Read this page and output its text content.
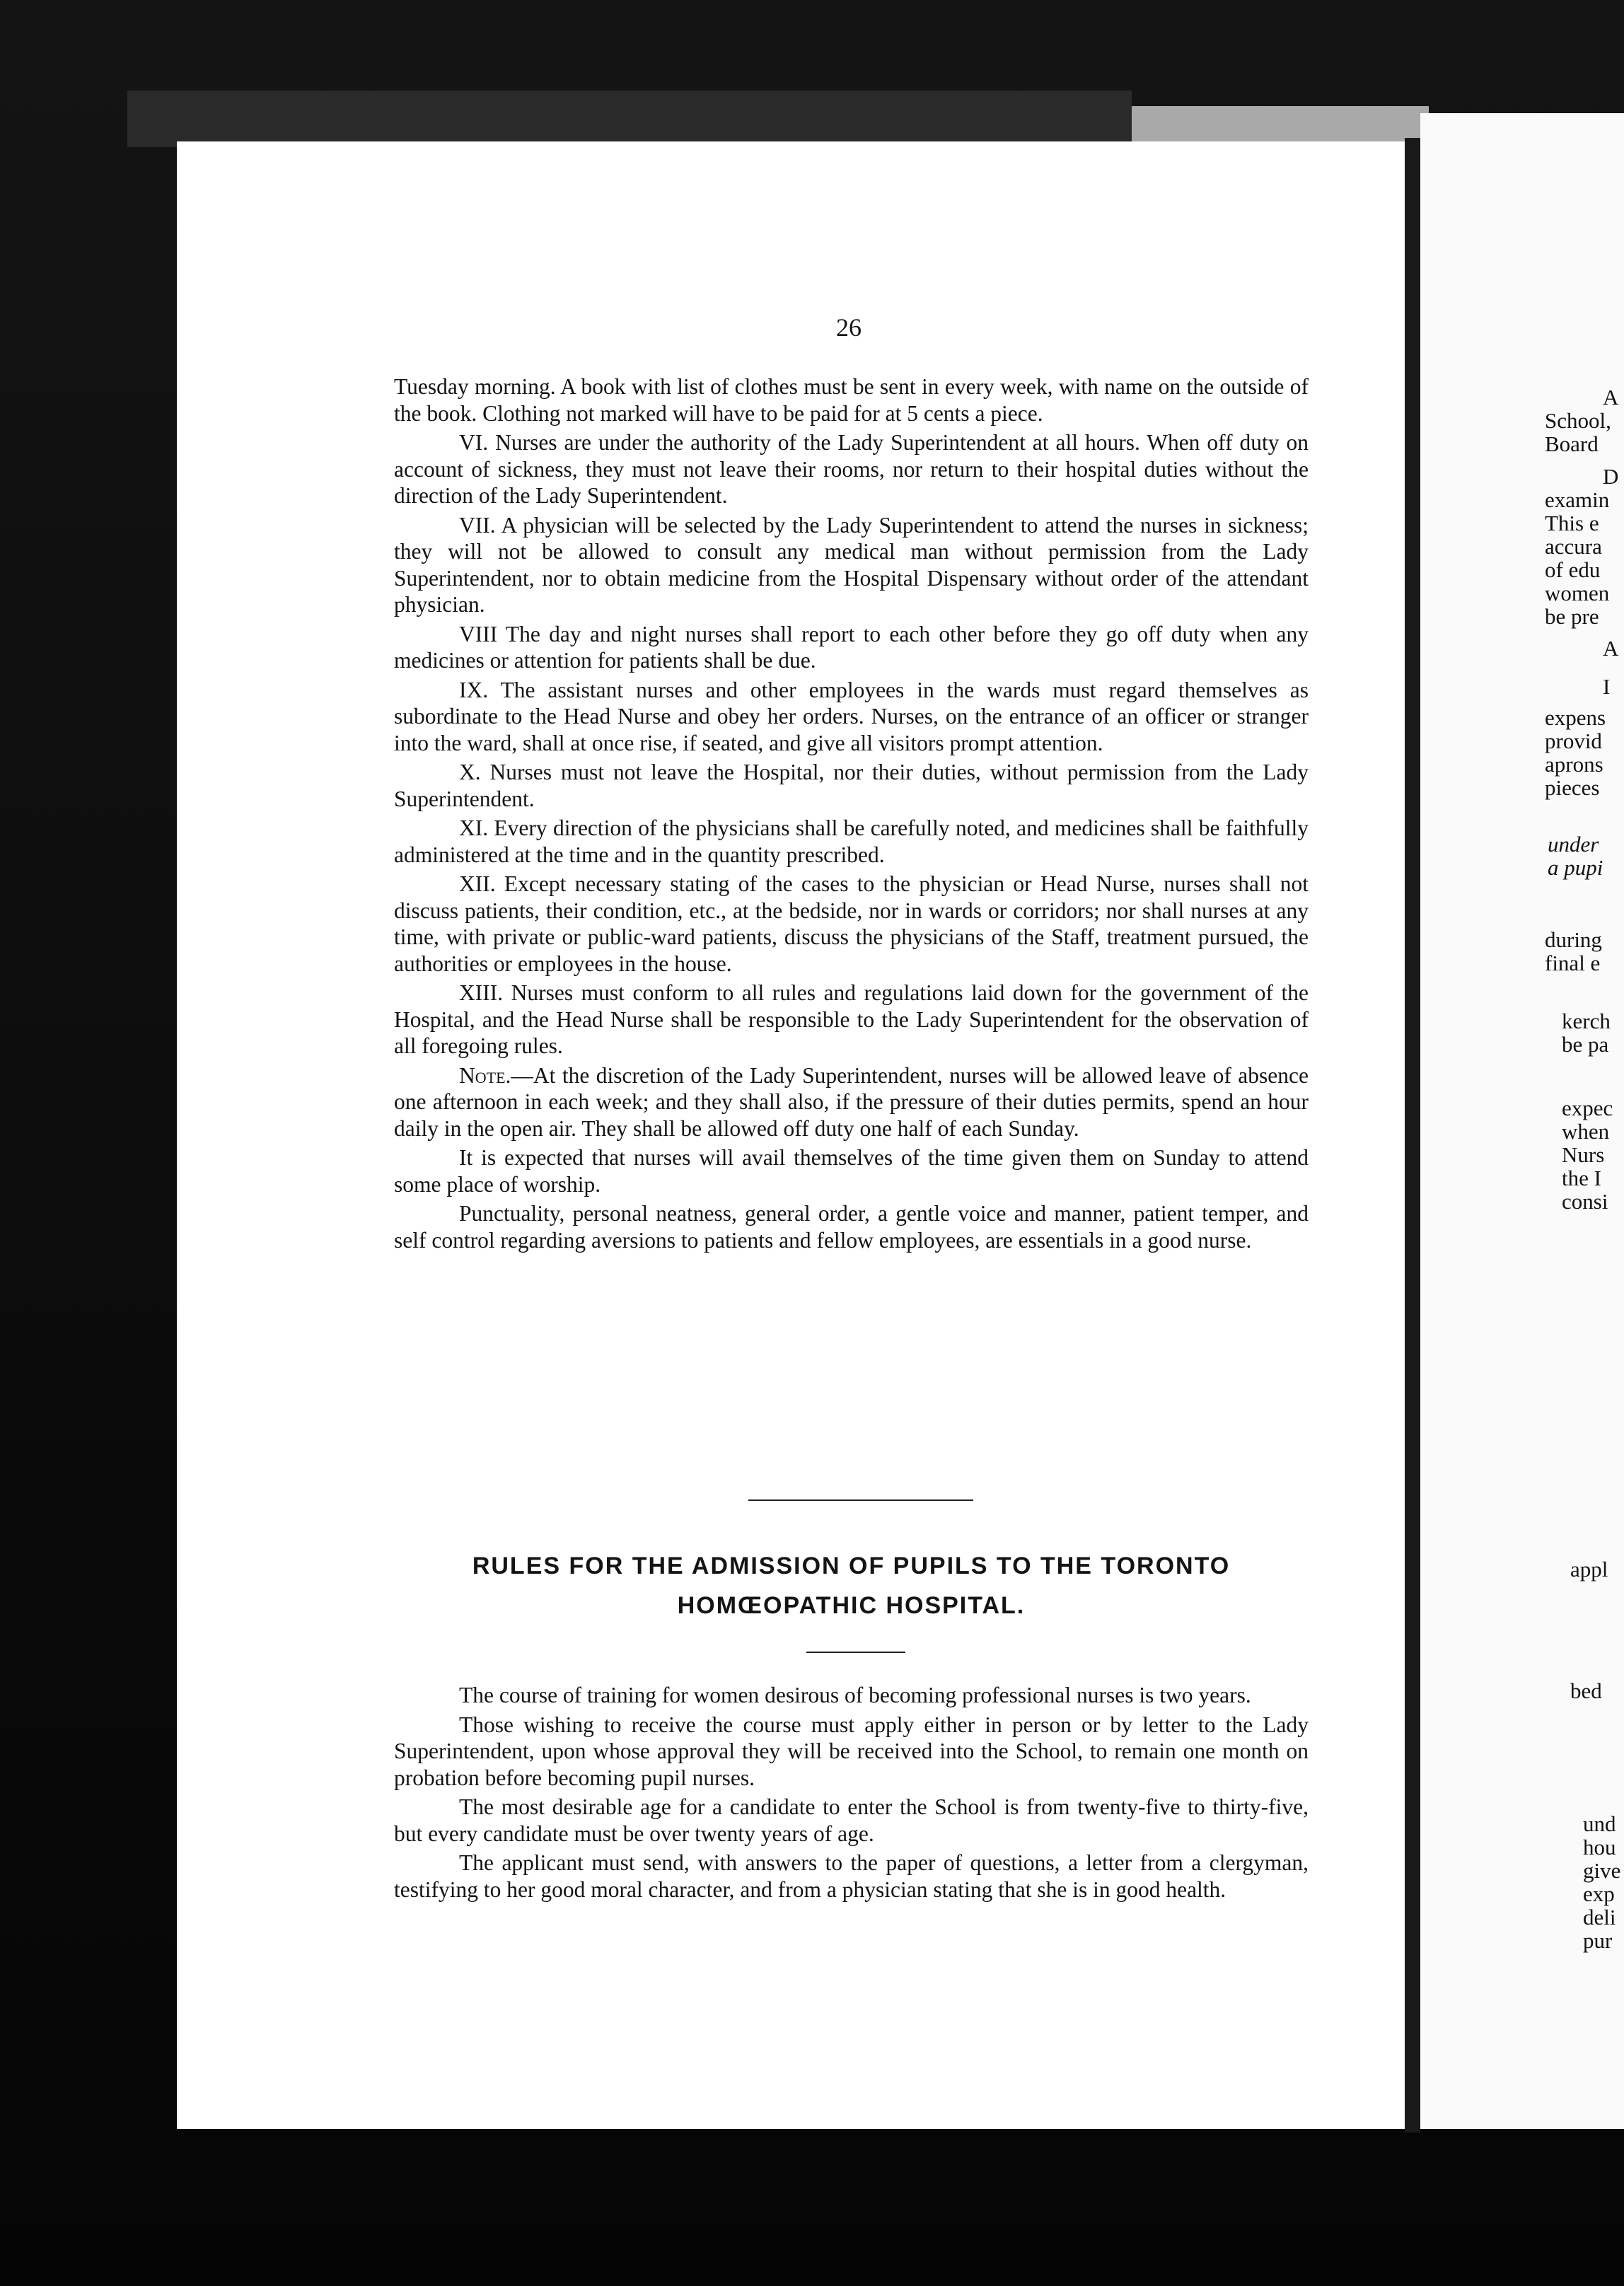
A
School,
Board
D
examin
This e
accura
of edu
women
be pre
A
I
expens
provid
aprons
pieces
under
a pupi
during
final e
kerch
be pa
expec
when
Nurs
the I
consi
appl
bed
und
hou
give
exp
deli
pur
26

Tuesday morning. A book with list of clothes must be sent in every week, with name on the outside of the book. Clothing not marked will have to be paid for at 5 cents a piece.

VI. Nurses are under the authority of the Lady Superintendent at all hours. When off duty on account of sickness, they must not leave their rooms, nor return to their hospital duties without the direction of the Lady Superintendent.

VII. A physician will be selected by the Lady Superintendent to attend the nurses in sickness; they will not be allowed to consult any medical man without permission from the Lady Superintendent, nor to obtain medicine from the Hospital Dispensary without order of the attendant physician.

VIII The day and night nurses shall report to each other before they go off duty when any medicines or attention for patients shall be due.

IX. The assistant nurses and other employees in the wards must regard themselves as subordinate to the Head Nurse and obey her orders. Nurses, on the entrance of an officer or stranger into the ward, shall at once rise, if seated, and give all visitors prompt attention.

X. Nurses must not leave the Hospital, nor their duties, without permission from the Lady Superintendent.

XI. Every direction of the physicians shall be carefully noted, and medicines shall be faithfully administered at the time and in the quantity prescribed.

XII. Except necessary stating of the cases to the physician or Head Nurse, nurses shall not discuss patients, their condition, etc., at the bedside, nor in wards or corridors; nor shall nurses at any time, with private or public-ward patients, discuss the physicians of the Staff, treatment pursued, the authorities or employees in the house.

XIII. Nurses must conform to all rules and regulations laid down for the government of the Hospital, and the Head Nurse shall be responsible to the Lady Superintendent for the observation of all foregoing rules.

Note.—At the discretion of the Lady Superintendent, nurses will be allowed leave of absence one afternoon in each week; and they shall also, if the pressure of their duties permits, spend an hour daily in the open air. They shall be allowed off duty one half of each Sunday.

It is expected that nurses will avail themselves of the time given them on Sunday to attend some place of worship.

Punctuality, personal neatness, general order, a gentle voice and manner, patient temper, and self control regarding aversions to patients and fellow employees, are essentials in a good nurse.

RULES FOR THE ADMISSION OF PUPILS TO THE TORONTO
HOMŒOPATHIC HOSPITAL.

The course of training for women desirous of becoming professional nurses is two years.

Those wishing to receive the course must apply either in person or by letter to the Lady Superintendent, upon whose approval they will be received into the School, to remain one month on probation before becoming pupil nurses.

The most desirable age for a candidate to enter the School is from twenty-five to thirty-five, but every candidate must be over twenty years of age.

The applicant must send, with answers to the paper of questions, a letter from a clergyman, testifying to her good moral character, and from a physician stating that she is in good health.
